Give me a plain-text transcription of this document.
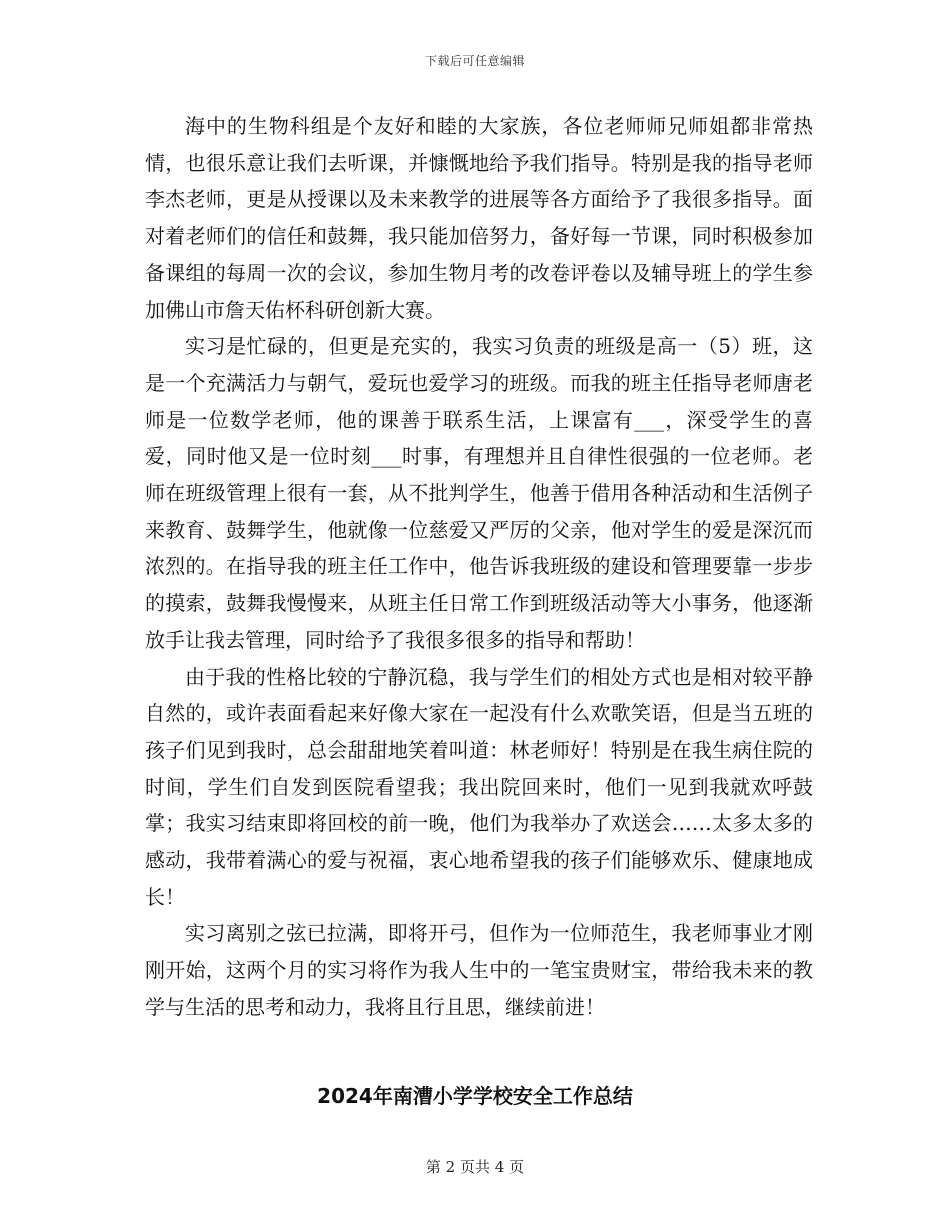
下载后可任意编辑

海中的生物科组是个友好和睦的大家族，各位老师师兄师姐都非常热情，也很乐意让我们去听课，并慷慨地给予我们指导。特别是我的指导老师李杰老师，更是从授课以及未来教学的进展等各方面给予了我很多指导。面对着老师们的信任和鼓舞，我只能加倍努力，备好每一节课，同时积极参加备课组的每周一次的会议，参加生物月考的改卷评卷以及辅导班上的学生参加佛山市詹天佑杯科研创新大赛。

实习是忙碌的，但更是充实的，我实习负责的班级是高一（5）班，这是一个充满活力与朝气，爱玩也爱学习的班级。而我的班主任指导老师唐老师是一位数学老师，他的课善于联系生活，上课富有___，深受学生的喜爱，同时他又是一位时刻___时事，有理想并且自律性很强的一位老师。老师在班级管理上很有一套，从不批判学生，他善于借用各种活动和生活例子来教育、鼓舞学生，他就像一位慈爱又严厉的父亲，他对学生的爱是深沉而浓烈的。在指导我的班主任工作中，他告诉我班级的建设和管理要靠一步步的摸索，鼓舞我慢慢来，从班主任日常工作到班级活动等大小事务，他逐渐放手让我去管理，同时给予了我很多很多的指导和帮助！

由于我的性格比较的宁静沉稳，我与学生们的相处方式也是相对较平静自然的，或许表面看起来好像大家在一起没有什么欢歌笑语，但是当五班的孩子们见到我时，总会甜甜地笑着叫道：林老师好！特别是在我生病住院的时间，学生们自发到医院看望我；我出院回来时，他们一见到我就欢呼鼓掌；我实习结束即将回校的前一晚，他们为我举办了欢送会……太多太多的感动，我带着满心的爱与祝福，衷心地希望我的孩子们能够欢乐、健康地成长！

实习离别之弦已拉满，即将开弓，但作为一位师范生，我老师事业才刚刚开始，这两个月的实习将作为我人生中的一笔宝贵财宝，带给我未来的教学与生活的思考和动力，我将且行且思，继续前进！

2024年南漕小学学校安全工作总结
第 2 页共 4 页
